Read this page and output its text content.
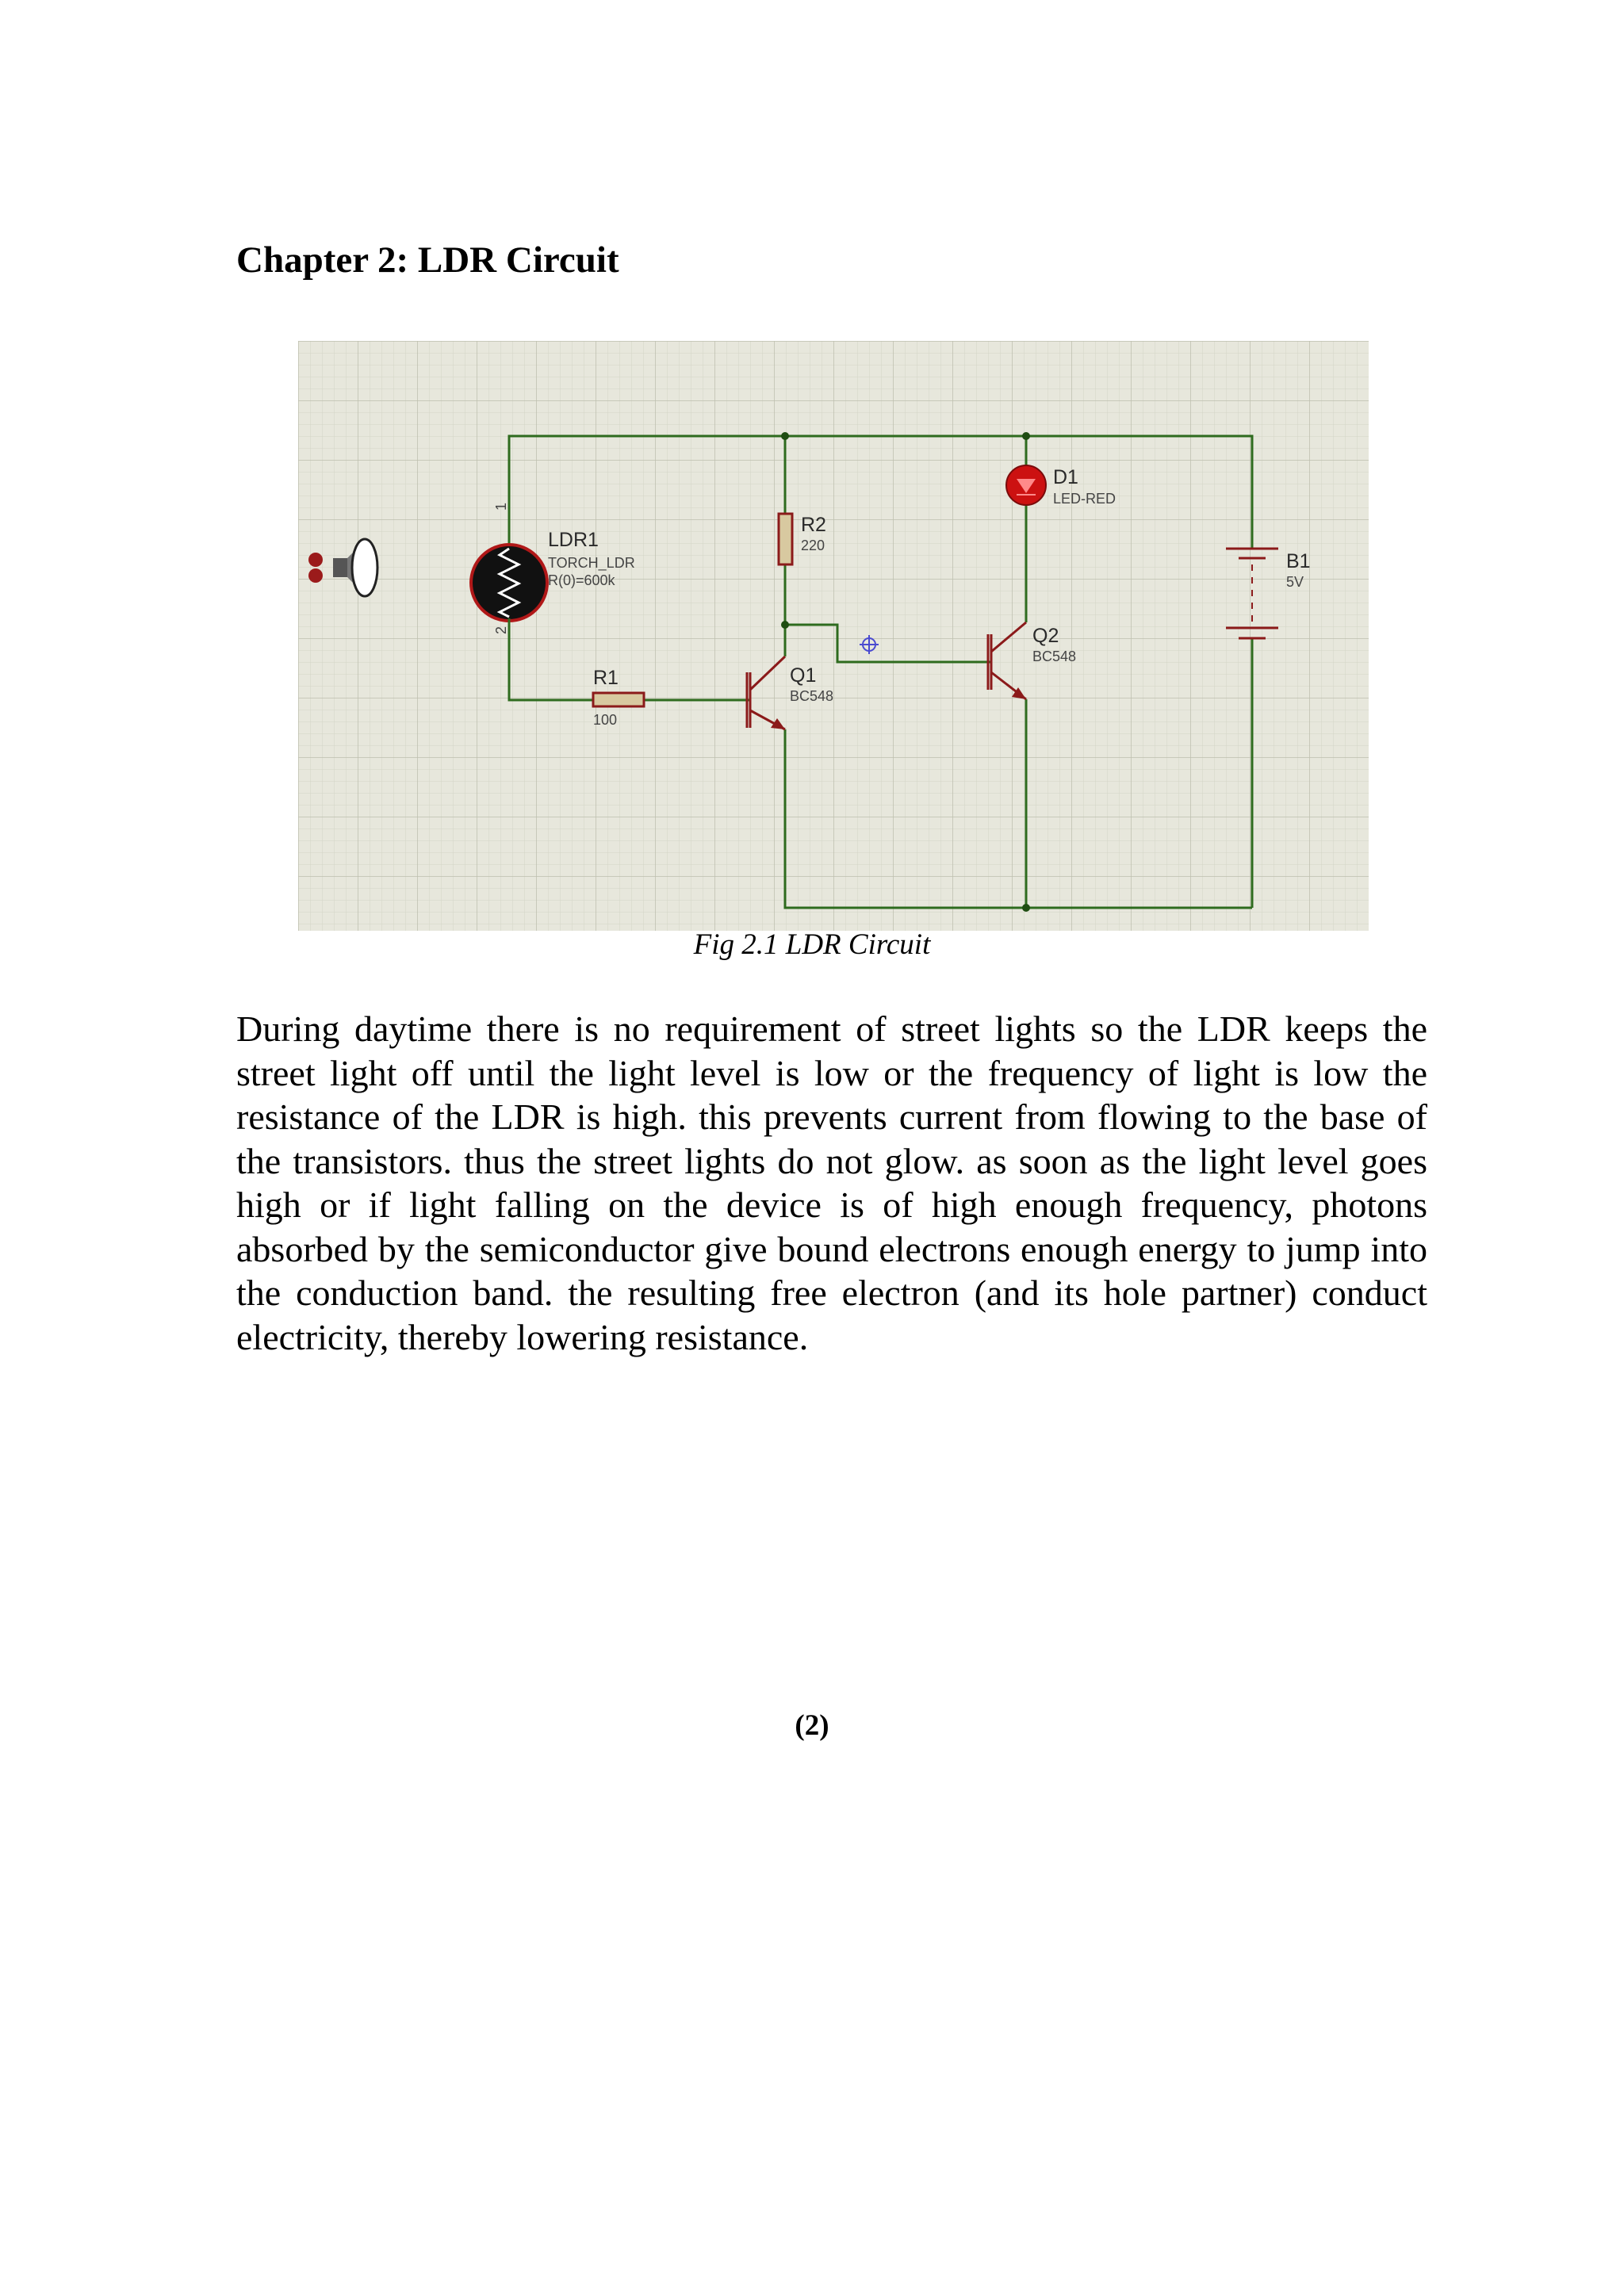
Chapter 2: LDR Circuit
1
2
LDR1
TORCH_LDR
R(0)=600k
R1
100
R2
220
Q1
BC548
Q2
BC548
D1
LED-RED
B1
5V
Fig 2.1 LDR Circuit

During daytime there is no requirement of street lights so the LDR keeps the street light off until the light level is low or the frequency of light is low the resistance of the LDR is high. this prevents current from flowing to the base of the transistors. thus the street lights do not glow. as soon as the light level goes high or if light falling on the device is of high enough frequency, photons absorbed by the semiconductor give bound electrons enough energy to jump into the conduction band. the resulting free electron (and its hole partner) conduct electricity, thereby lowering resistance.

(2)
